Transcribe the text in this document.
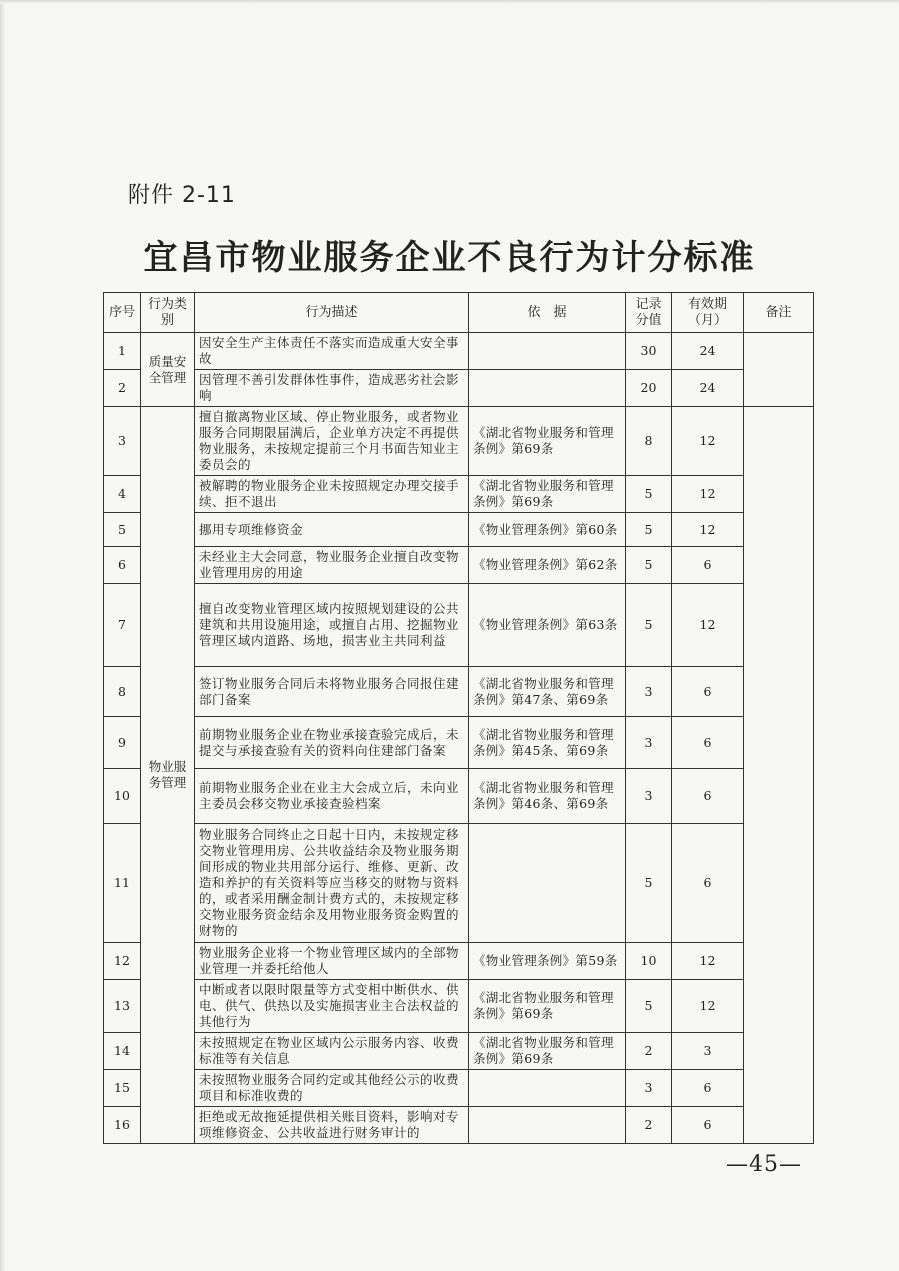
附件 2-11
宜昌市物业服务企业不良行为计分标准
序号	行为类别	行为描述	依　据	记录分值	有效期（月）	备注
1	质量安全管理	因安全生产主体责任不落实而造成重大安全事故		30	24	
2		因管理不善引发群体性事件，造成恶劣社会影响		20	24	
3	物业服务管理	擅自撤离物业区域、停止物业服务，或者物业服务合同期限届满后，企业单方决定不再提供物业服务，未按规定提前三个月书面告知业主委员会的	《湖北省物业服务和管理条例》第69条	8	12	
4		被解聘的物业服务企业未按照规定办理交接手续、拒不退出	《湖北省物业服务和管理条例》第69条	5	12	
5		挪用专项维修资金	《物业管理条例》第60条	5	12	
6		未经业主大会同意，物业服务企业擅自改变物业管理用房的用途	《物业管理条例》第62条	5	6	
7		擅自改变物业管理区域内按照规划建设的公共建筑和共用设施用途，或擅自占用、挖掘物业管理区域内道路、场地，损害业主共同利益	《物业管理条例》第63条	5	12	
8		签订物业服务合同后未将物业服务合同报住建部门备案	《湖北省物业服务和管理条例》第47条、第69条	3	6	
9		前期物业服务企业在物业承接查验完成后，未提交与承接查验有关的资料向住建部门备案	《湖北省物业服务和管理条例》第45条、第69条	3	6	
10		前期物业服务企业在业主大会成立后，未向业主委员会移交物业承接查验档案	《湖北省物业服务和管理条例》第46条、第69条	3	6	
11		物业服务合同终止之日起十日内，未按规定移交物业管理用房、公共收益结余及物业服务期间形成的物业共用部分运行、维修、更新、改造和养护的有关资料等应当移交的财物与资料的，或者采用酬金制计费方式的，未按规定移交物业服务资金结余及用物业服务资金购置的财物的		5	6	
12		物业服务企业将一个物业管理区域内的全部物业管理一并委托给他人	《物业管理条例》第59条	10	12	
13		中断或者以限时限量等方式变相中断供水、供电、供气、供热以及实施损害业主合法权益的其他行为	《湖北省物业服务和管理条例》第69条	5	12	
14		未按照规定在物业区域内公示服务内容、收费标准等有关信息	《湖北省物业服务和管理条例》第69条	2	3	
15		未按照物业服务合同约定或其他经公示的收费项目和标准收费的		3	6	
16		拒绝或无故拖延提供相关账目资料，影响对专项维修资金、公共收益进行财务审计的		2	6	
—45—
